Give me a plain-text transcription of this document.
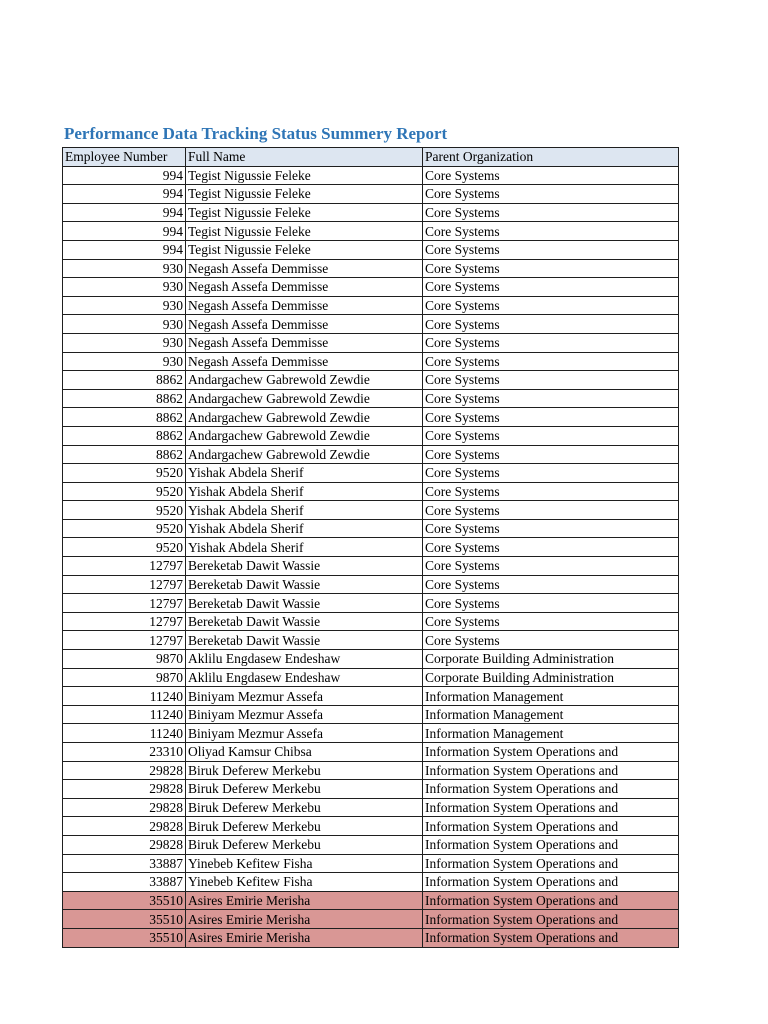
Performance Data Tracking Status Summery Report
Employee Number	Full Name	Parent Organization
994	Tegist Nigussie Feleke	Core Systems
994	Tegist Nigussie Feleke	Core Systems
994	Tegist Nigussie Feleke	Core Systems
994	Tegist Nigussie Feleke	Core Systems
994	Tegist Nigussie Feleke	Core Systems
930	Negash Assefa Demmisse	Core Systems
930	Negash Assefa Demmisse	Core Systems
930	Negash Assefa Demmisse	Core Systems
930	Negash Assefa Demmisse	Core Systems
930	Negash Assefa Demmisse	Core Systems
930	Negash Assefa Demmisse	Core Systems
8862	Andargachew Gabrewold Zewdie	Core Systems
8862	Andargachew Gabrewold Zewdie	Core Systems
8862	Andargachew Gabrewold Zewdie	Core Systems
8862	Andargachew Gabrewold Zewdie	Core Systems
8862	Andargachew Gabrewold Zewdie	Core Systems
9520	Yishak Abdela Sherif	Core Systems
9520	Yishak Abdela Sherif	Core Systems
9520	Yishak Abdela Sherif	Core Systems
9520	Yishak Abdela Sherif	Core Systems
9520	Yishak Abdela Sherif	Core Systems
12797	Bereketab Dawit Wassie	Core Systems
12797	Bereketab Dawit Wassie	Core Systems
12797	Bereketab Dawit Wassie	Core Systems
12797	Bereketab Dawit Wassie	Core Systems
12797	Bereketab Dawit Wassie	Core Systems
9870	Aklilu Engdasew Endeshaw	Corporate Building Administration
9870	Aklilu Engdasew Endeshaw	Corporate Building Administration
11240	Biniyam Mezmur Assefa	Information Management
11240	Biniyam Mezmur Assefa	Information Management
11240	Biniyam Mezmur Assefa	Information Management
23310	Oliyad Kamsur Chibsa	Information System Operations and
29828	Biruk Deferew Merkebu	Information System Operations and
29828	Biruk Deferew Merkebu	Information System Operations and
29828	Biruk Deferew Merkebu	Information System Operations and
29828	Biruk Deferew Merkebu	Information System Operations and
29828	Biruk Deferew Merkebu	Information System Operations and
33887	Yinebeb Kefitew Fisha	Information System Operations and
33887	Yinebeb Kefitew Fisha	Information System Operations and
35510	Asires Emirie Merisha	Information System Operations and
35510	Asires Emirie Merisha	Information System Operations and
35510	Asires Emirie Merisha	Information System Operations and
